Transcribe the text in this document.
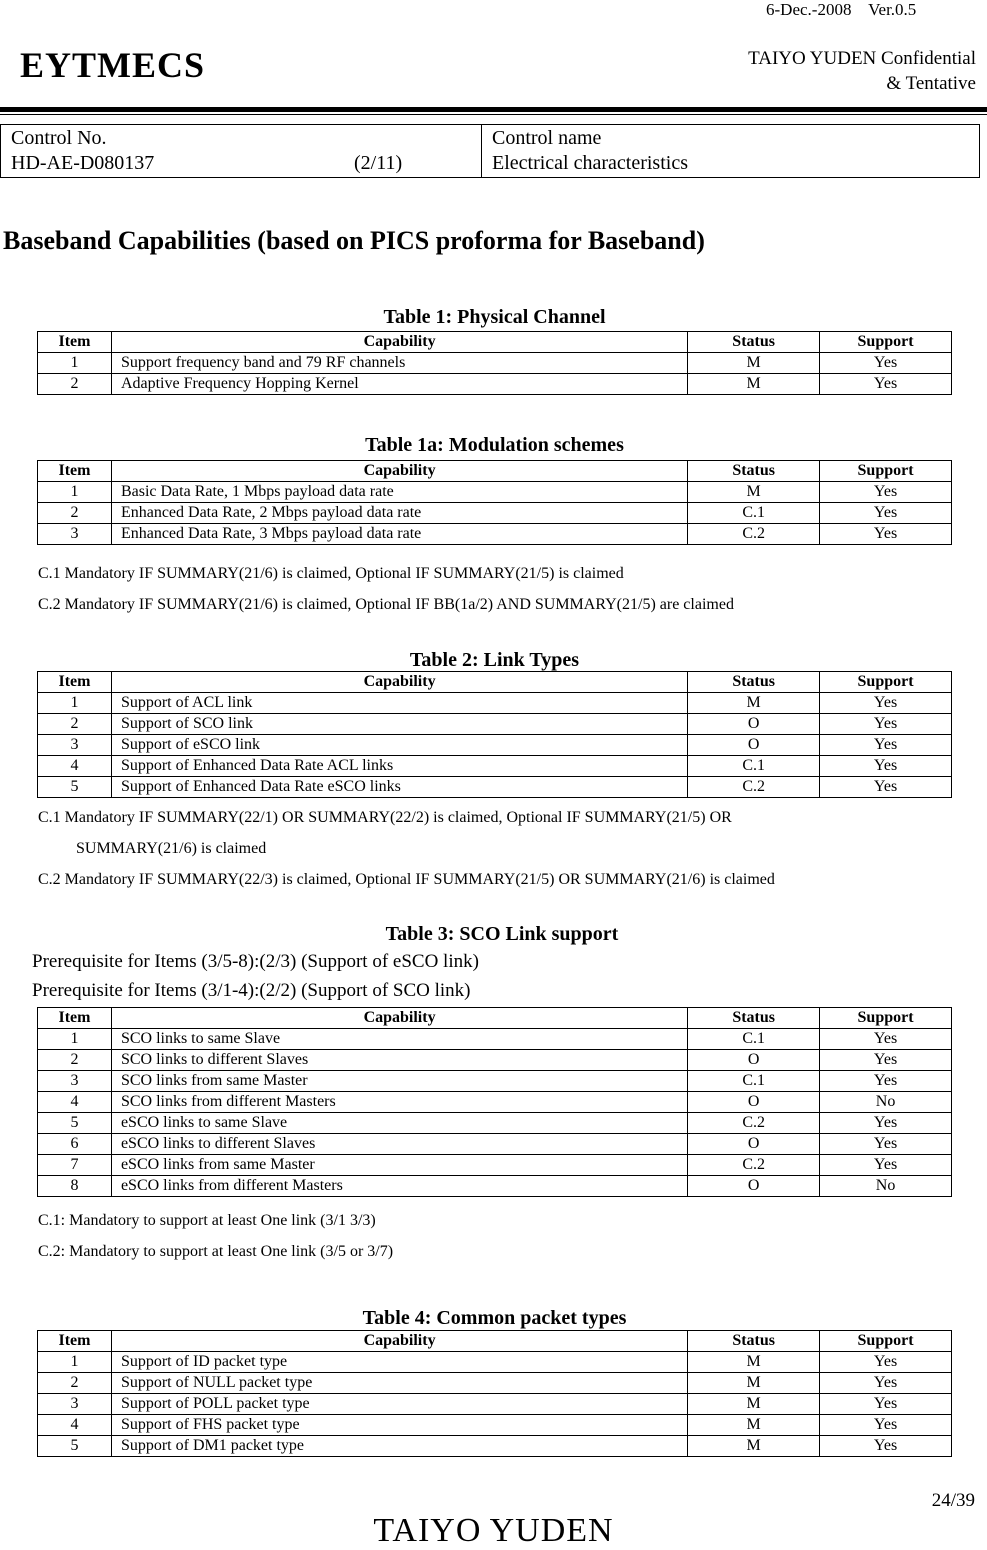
6-Dec.-2008    Ver.0.5
EYTMECS	TAIYO YUDEN Confidential
& Tentative
Control No.
HD-AE-D080137	(2/11)
Control name
Electrical characteristics
Baseband Capabilities (based on PICS proforma for Baseband)
Table 1: Physical Channel
Item	Capability	Status	Support
1	Support frequency band and 79 RF channels	M	Yes
2	Adaptive Frequency Hopping Kernel	M	Yes
Table 1a: Modulation schemes
Item	Capability	Status	Support
1	Basic Data Rate, 1 Mbps payload data rate	M	Yes
2	Enhanced Data Rate, 2 Mbps payload data rate	C.1	Yes
3	Enhanced Data Rate, 3 Mbps payload data rate	C.2	Yes
C.1 Mandatory IF SUMMARY(21/6) is claimed, Optional IF SUMMARY(21/5) is claimed
C.2 Mandatory IF SUMMARY(21/6) is claimed, Optional IF BB(1a/2) AND SUMMARY(21/5) are claimed
Table 2: Link Types
Item	Capability	Status	Support
1	Support of ACL link	M	Yes
2	Support of SCO link	O	Yes
3	Support of eSCO link	O	Yes
4	Support of Enhanced Data Rate ACL links	C.1	Yes
5	Support of Enhanced Data Rate eSCO links	C.2	Yes
C.1 Mandatory IF SUMMARY(22/1) OR SUMMARY(22/2) is claimed, Optional IF SUMMARY(21/5) OR
SUMMARY(21/6) is claimed
C.2 Mandatory IF SUMMARY(22/3) is claimed, Optional IF SUMMARY(21/5) OR SUMMARY(21/6) is claimed
Table 3: SCO Link support
Prerequisite for Items (3/5-8):(2/3) (Support of eSCO link)
Prerequisite for Items (3/1-4):(2/2) (Support of SCO link)
Item	Capability	Status	Support
1	SCO links to same Slave	C.1	Yes
2	SCO links to different Slaves	O	Yes
3	SCO links from same Master	C.1	Yes
4	SCO links from different Masters	O	No
5	eSCO links to same Slave	C.2	Yes
6	eSCO links to different Slaves	O	Yes
7	eSCO links from same Master	C.2	Yes
8	eSCO links from different Masters	O	No
C.1: Mandatory to support at least One link (3/1 3/3)
C.2: Mandatory to support at least One link (3/5 or 3/7)
Table 4: Common packet types
Item	Capability	Status	Support
1	Support of ID packet type	M	Yes
2	Support of NULL packet type	M	Yes
3	Support of POLL packet type	M	Yes
4	Support of FHS packet type	M	Yes
5	Support of DM1 packet type	M	Yes
24/39
TAIYO YUDEN
